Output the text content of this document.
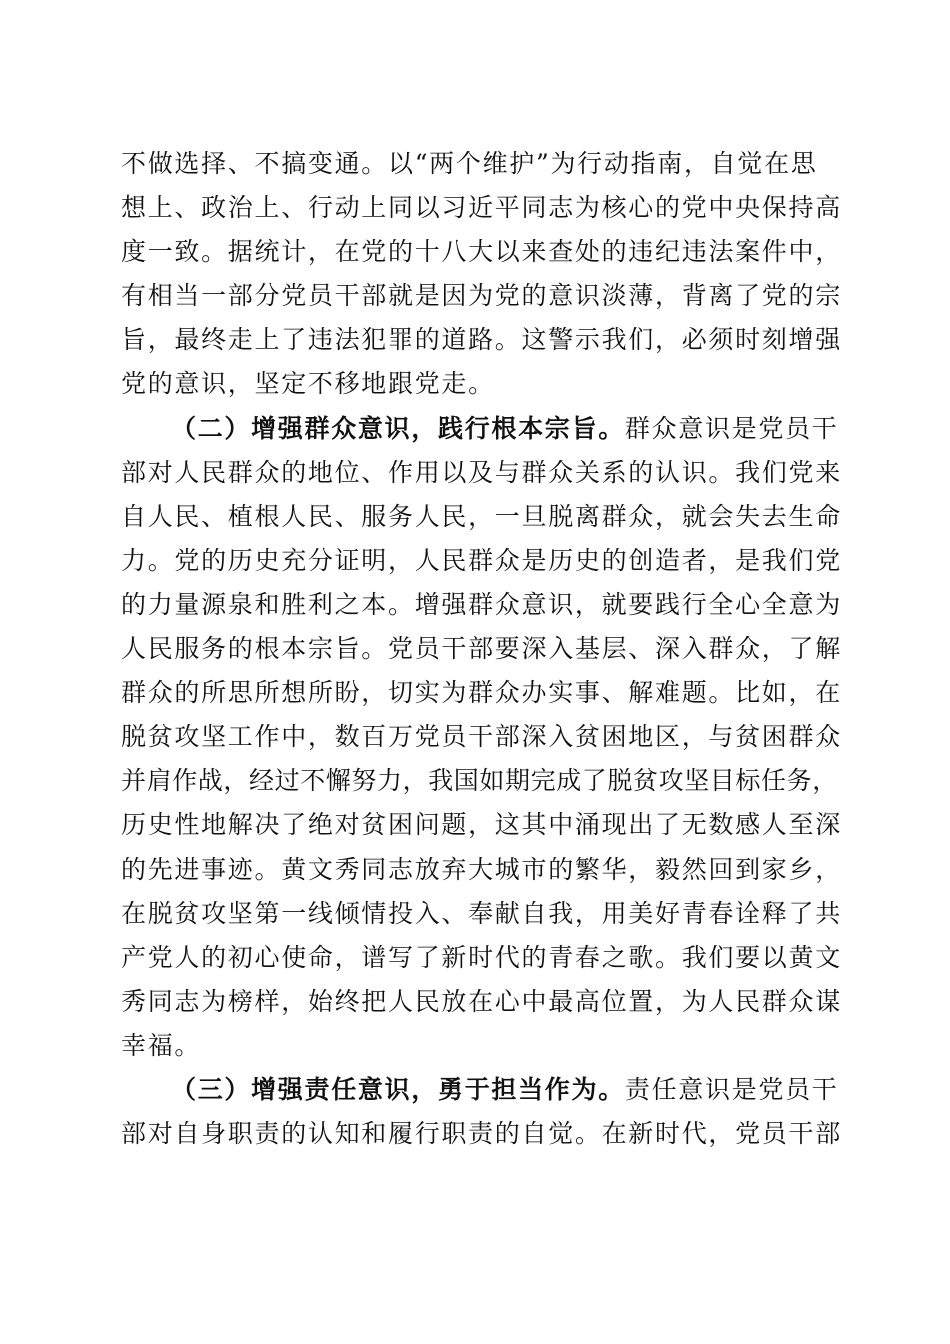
不做选择、不搞变通。以“两个维护”为行动指南，自觉在思
想上、政治上、行动上同以习近平同志为核心的党中央保持高
度一致。据统计，在党的十八大以来查处的违纪违法案件中，
有相当一部分党员干部就是因为党的意识淡薄，背离了党的宗
旨，最终走上了违法犯罪的道路。这警示我们，必须时刻增强
党的意识，坚定不移地跟党走。
（二）增强群众意识，践行根本宗旨。群众意识是党员干
部对人民群众的地位、作用以及与群众关系的认识。我们党来
自人民、植根人民、服务人民，一旦脱离群众，就会失去生命
力。党的历史充分证明，人民群众是历史的创造者，是我们党
的力量源泉和胜利之本。增强群众意识，就要践行全心全意为
人民服务的根本宗旨。党员干部要深入基层、深入群众，了解
群众的所思所想所盼，切实为群众办实事、解难题。比如，在
脱贫攻坚工作中，数百万党员干部深入贫困地区，与贫困群众
并肩作战，经过不懈努力，我国如期完成了脱贫攻坚目标任务，
历史性地解决了绝对贫困问题，这其中涌现出了无数感人至深
的先进事迹。黄文秀同志放弃大城市的繁华，毅然回到家乡，
在脱贫攻坚第一线倾情投入、奉献自我，用美好青春诠释了共
产党人的初心使命，谱写了新时代的青春之歌。我们要以黄文
秀同志为榜样，始终把人民放在心中最高位置，为人民群众谋
幸福。
（三）增强责任意识，勇于担当作为。责任意识是党员干
部对自身职责的认知和履行职责的自觉。在新时代，党员干部
